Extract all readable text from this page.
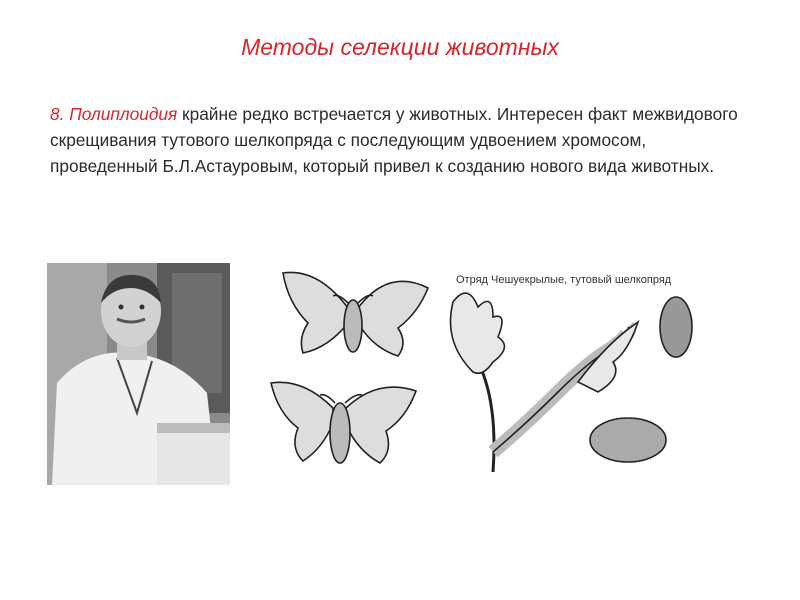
Методы селекции животных
8. Полиплоидия крайне редко встречается у животных. Интересен факт межвидового скрещивания тутового шелкопряда с последующим удвоением хромосом, проведенный Б.Л.Астауровым, который привел к созданию нового вида животных.
Отряд Чешуекрылые, тутовый шелкопряд
